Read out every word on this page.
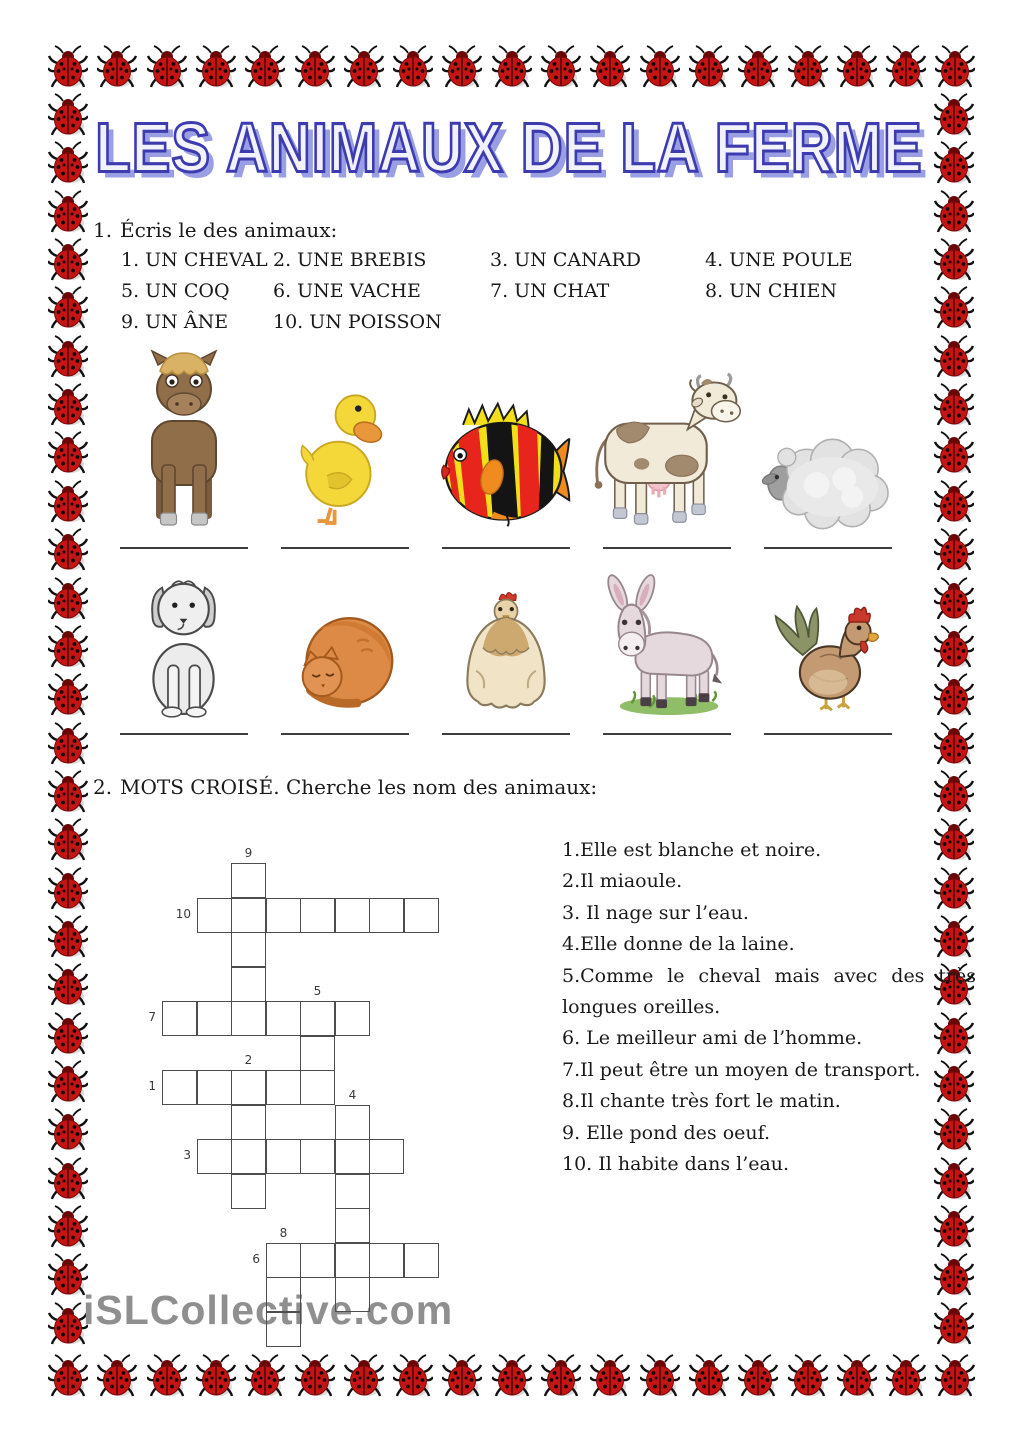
LES ANIMAUX DE LA FERME
1. Écris le des animaux:
1. UN CHEVAL 2. UNE BREBIS	3. UN CANARD	4. UNE POULE
5. UN COQ	6. UNE VACHE	7. UN CHAT	8. UN CHIEN
9. UN ÂNE	10. UN POISSON
2. MOTS CROISÉ. Cherche les nom des animaux:
iSLCollective.com
9
10
7
5
1
2
4
3
8
6

1.Elle est blanche et noire.

2.Il miaoule.

3. Il nage sur l’eau.

4.Elle donne de la laine.

5.Comme le cheval mais avec des très longues oreilles.

6. Le meilleur ami de l’homme.

7.Il peut être un moyen de transport.

8.Il chante très fort le matin.

9. Elle pond des oeuf.

10. Il habite dans l’eau.
